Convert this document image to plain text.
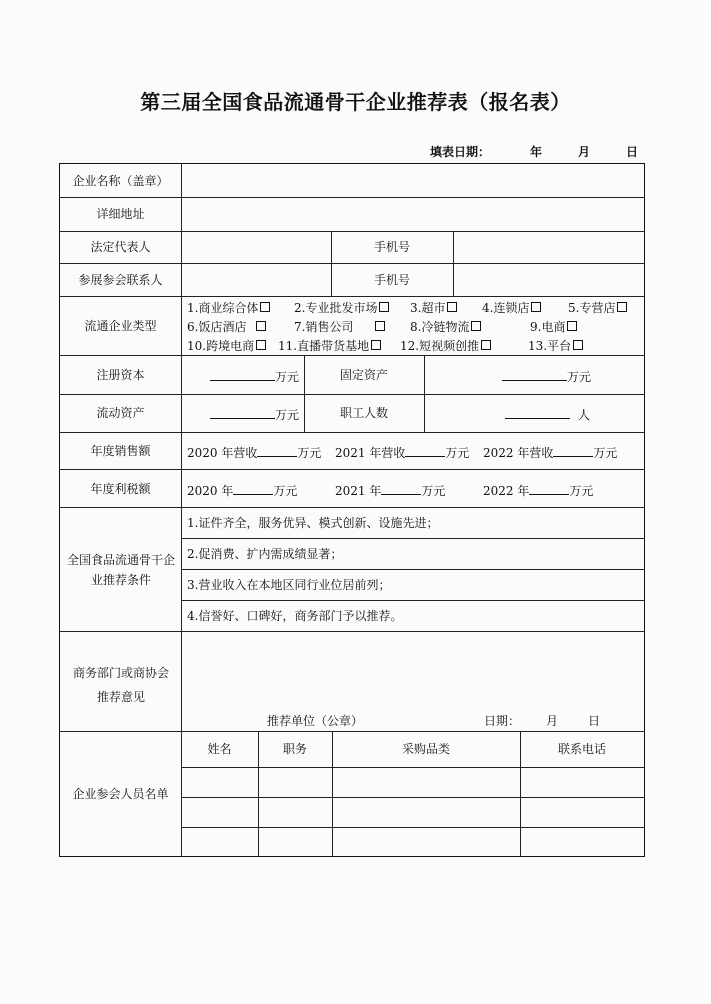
第三届全国食品流通骨干企业推荐表（报名表）
填表日期：	年	月	日
企业名称（盖章）
详细地址
法定代表人	手机号
参展参会联系人	手机号
流通企业类型
1.商业综合体	2.专业批发市场	3.超市	4.连锁店	5.专营店
6.饭店酒店	7.销售公司	8.冷链物流	9.电商
10.跨境电商	11.直播带货基地	12.短视频创推	13.平台
注册资本	万元	固定资产	万元
流动资产	万元	职工人数	人
年度销售额	2020 年营收	万元 2021 年营收	万元 2022 年营收	万元
年度利税额	2020 年	万元	2021 年	万元	2022 年	万元
全国食品流通骨干企业推荐条件
1.证件齐全，服务优异、模式创新、设施先进；
2.促消费、扩内需成绩显著；
3.营业收入在本地区同行业位居前列；
4.信誉好、口碑好，商务部门予以推荐。
商务部门或商协会推荐意见
推荐单位（公章）	日期： 月 日
企业参会人员名单
姓名	职务	采购品类	联系电话
